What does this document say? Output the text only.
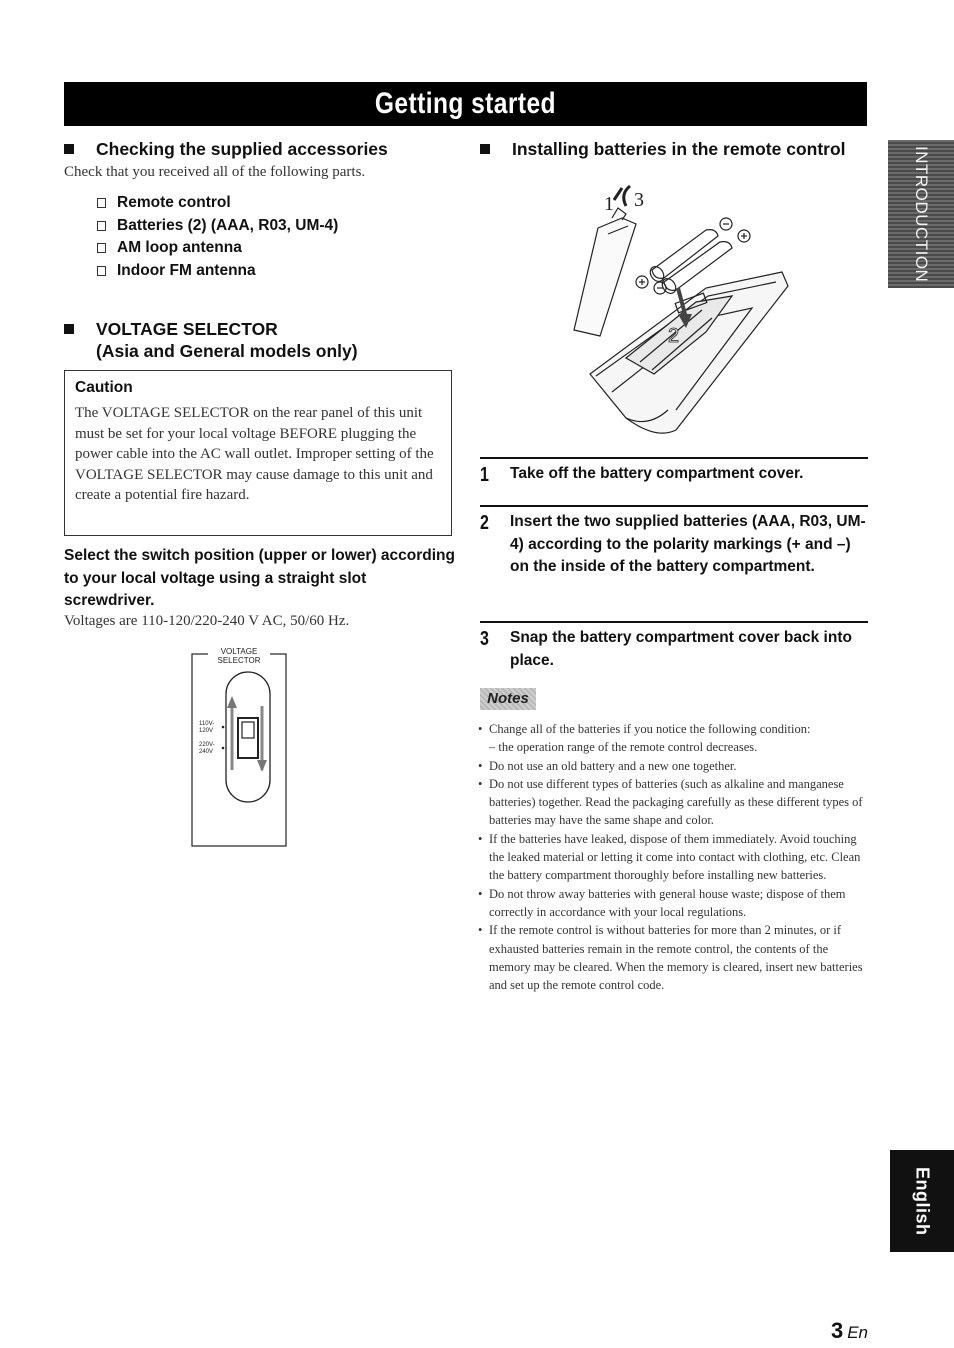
Getting started
Checking the supplied accessories

Check that you received all of the following parts.

Remote control
Batteries (2) (AAA, R03, UM-4)
AM loop antenna
Indoor FM antenna
VOLTAGE SELECTOR
(Asia and General models only)

Caution

The VOLTAGE SELECTOR on the rear panel of this unit must be set for your local voltage BEFORE plugging the power cable into the AC wall outlet. Improper setting of the VOLTAGE SELECTOR may cause damage to this unit and create a potential fire hazard.

Select the switch position (upper or lower) according to your local voltage using a straight slot screwdriver.

Voltages are 110-120/220-240 V AC, 50/60 Hz.

VOLTAGE
SELECTOR
110V-
120V
220V-
240V
Installing batteries in the remote control
1 3
2
1	Take off the battery compartment cover.
2	Insert the two supplied batteries (AAA, R03, UM-4) according to the polarity markings (+ and –) on the inside of the battery compartment.
3	Snap the battery compartment cover back into place.
Notes
• Change all of the batteries if you notice the following condition:
– the operation range of the remote control decreases.
• Do not use an old battery and a new one together.
• Do not use different types of batteries (such as alkaline and manganese batteries) together. Read the packaging carefully as these different types of batteries may have the same shape and color.
• If the batteries have leaked, dispose of them immediately. Avoid touching the leaked material or letting it come into contact with clothing, etc. Clean the battery compartment thoroughly before installing new batteries.
• Do not throw away batteries with general house waste; dispose of them correctly in accordance with your local regulations.
• If the remote control is without batteries for more than 2 minutes, or if exhausted batteries remain in the remote control, the contents of the memory may be cleared. When the memory is cleared, insert new batteries and set up the remote control code.
INTRODUCTION
English
3 En
